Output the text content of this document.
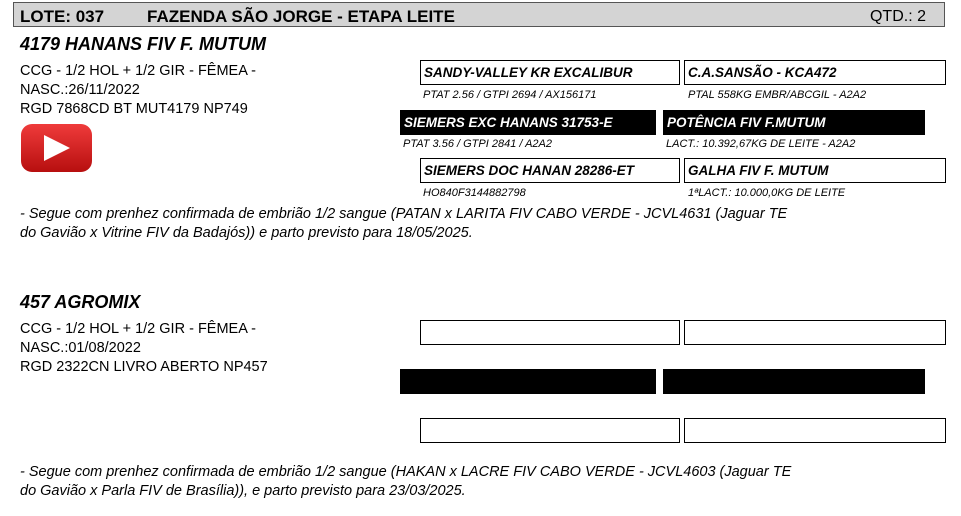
LOTE: 037	FAZENDA SÃO JORGE - ETAPA LEITE	QTD.: 2
4179 HANANS FIV F. MUTUM
CCG - 1/2 HOL + 1/2 GIR - FÊMEA -
NASC.:26/11/2022
RGD 7868CD BT MUT4179 NP749
SANDY-VALLEY KR EXCALIBUR	C.A.SANSÃO - KCA472
PTAT 2.56 / GTPI 2694 / AX156171	PTAL 558KG EMBR/ABCGIL - A2A2
SIEMERS EXC HANANS 31753-E	POTÊNCIA FIV F.MUTUM
PTAT 3.56 / GTPI 2841 / A2A2	LACT.: 10.392,67KG DE LEITE - A2A2
SIEMERS DOC HANAN 28286-ET	GALHA FIV F. MUTUM
HO840F3144882798	1ªLACT.: 10.000,0KG DE LEITE
- Segue com prenhez confirmada de embrião 1/2 sangue (PATAN x LARITA FIV CABO VERDE - JCVL4631 (Jaguar TE
do Gavião x Vitrine FIV da Badajós)) e parto previsto para 18/05/2025.
457 AGROMIX
CCG - 1/2 HOL + 1/2 GIR - FÊMEA -
NASC.:01/08/2022
RGD 2322CN LIVRO ABERTO NP457
- Segue com prenhez confirmada de embrião 1/2 sangue (HAKAN x LACRE FIV CABO VERDE - JCVL4603 (Jaguar TE
do Gavião x Parla FIV de Brasília)), e parto previsto para 23/03/2025.
